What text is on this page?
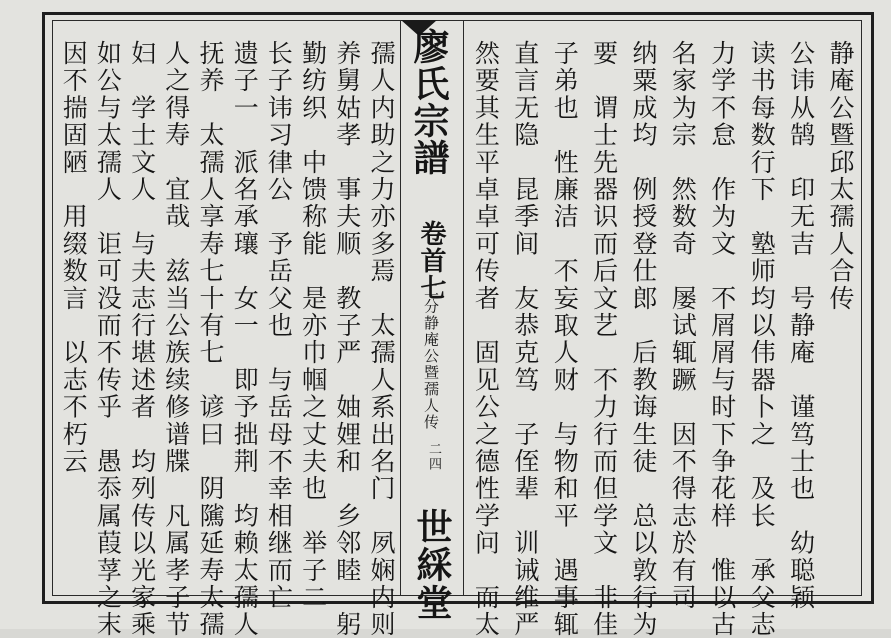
静庵公暨邱太孺人合传
公讳从鹄　印无吉　号静庵　谨笃士也　幼聪颖
读书每数行下　塾师均以伟器卜之　及长　承父志
力学不怠　作为文　不屑屑与时下争花样　惟以古
名家为宗　然数奇　屡试辄蹶　因不得志於有司
纳粟成均　例授登仕郎　后教诲生徒　总以敦行为
要　谓士先器识而后文艺　不力行而但学文　非佳
子弟也　性廉洁　不妄取人财　与物和平　遇事辄
直言无隐　昆季间　友恭克笃　子侄辈　训诫维严
然要其生平卓卓可传者　固见公之德性学问　而太
廖氏宗譜
卷首七
二分静庵公暨孺人传
二四
世綵堂
孺人内助之力亦多焉　太孺人系出名门　夙娴内则
养舅姑孝　事夫顺　教子严　妯娌和　乡邻睦　躬
勤纺织　中馈称能　是亦巾帼之丈夫也　举子二
长子讳习律公　予岳父也　与岳母不幸相继而亡
遗子一　派名承瓖　女一　即予拙荆　均赖太孺人
抚养　太孺人享寿七十有七　谚曰　阴隲延寿太孺
人之得寿　宜哉　兹当公族续修谱牒　凡属孝子节
妇　学士文人　与夫志行堪述者　均列传以光家乘
如公与太孺人　讵可没而不传乎　愚忝属葭莩之末
因不揣固陋　用缀数言　以志不朽云
